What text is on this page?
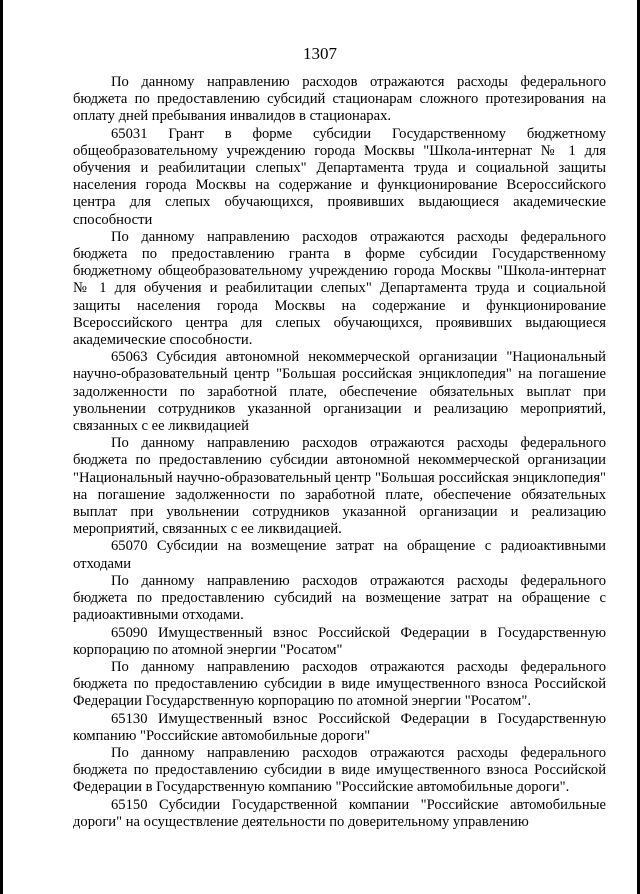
1307

По данному направлению расходов отражаются расходы федерального бюджета по предоставлению субсидий стационарам сложного протезирования на оплату дней пребывания инвалидов в стационарах.

65031 Грант в форме субсидии Государственному бюджетному общеобразовательному учреждению города Москвы "Школа-интернат № 1 для обучения и реабилитации слепых" Департамента труда и социальной защиты населения города Москвы на содержание и функционирование Всероссийского центра для слепых обучающихся, проявивших выдающиеся академические способности

По данному направлению расходов отражаются расходы федерального бюджета по предоставлению гранта в форме субсидии Государственному бюджетному общеобразовательному учреждению города Москвы "Школа-интернат № 1 для обучения и реабилитации слепых" Департамента труда и социальной защиты населения города Москвы на содержание и функционирование Всероссийского центра для слепых обучающихся, проявивших выдающиеся академические способности.

65063 Субсидия автономной некоммерческой организации "Национальный научно-образовательный центр "Большая российская энциклопедия" на погашение задолженности по заработной плате, обеспечение обязательных выплат при увольнении сотрудников указанной организации и реализацию мероприятий, связанных с ее ликвидацией

По данному направлению расходов отражаются расходы федерального бюджета по предоставлению субсидии автономной некоммерческой организации "Национальный научно-образовательный центр "Большая российская энциклопедия" на погашение задолженности по заработной плате, обеспечение обязательных выплат при увольнении сотрудников указанной организации и реализацию мероприятий, связанных с ее ликвидацией.

65070 Субсидии на возмещение затрат на обращение с радиоактивными отходами

По данному направлению расходов отражаются расходы федерального бюджета по предоставлению субсидий на возмещение затрат на обращение с радиоактивными отходами.

65090 Имущественный взнос Российской Федерации в Государственную корпорацию по атомной энергии "Росатом"

По данному направлению расходов отражаются расходы федерального бюджета по предоставлению субсидии в виде имущественного взноса Российской Федерации Государственную корпорацию по атомной энергии "Росатом".

65130 Имущественный взнос Российской Федерации в Государственную компанию "Российские автомобильные дороги"

По данному направлению расходов отражаются расходы федерального бюджета по предоставлению субсидии в виде имущественного взноса Российской Федерации в Государственную компанию "Российские автомобильные дороги".

65150 Субсидии Государственной компании "Российские автомобильные дороги" на осуществление деятельности по доверительному управлению
